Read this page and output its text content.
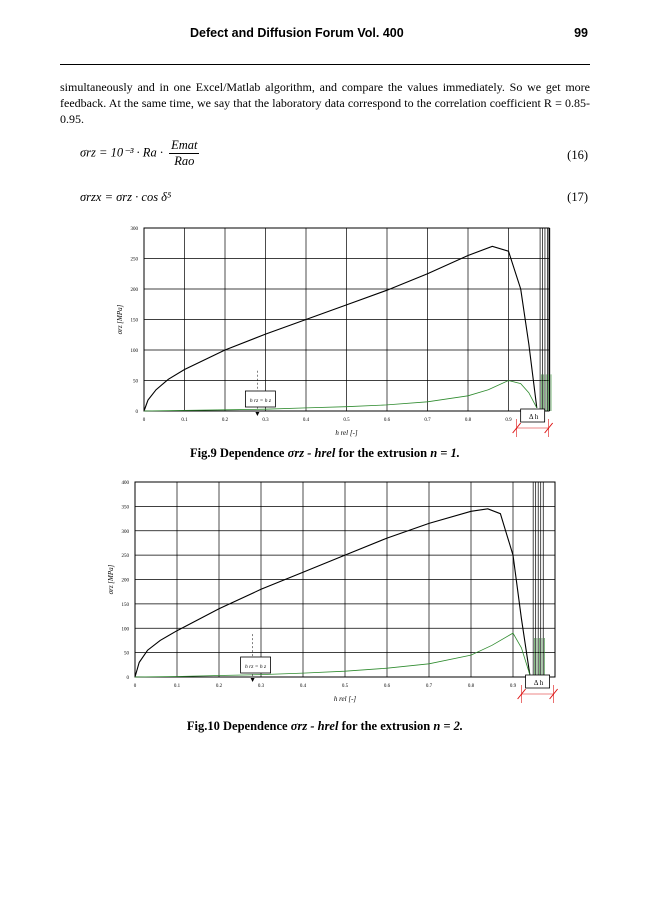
Defect and Diffusion Forum Vol. 400	99
simultaneously and in one Excel/Matlab algorithm, and compare the values immediately. So we get more feedback. At the same time, we say that the laboratory data correspond to the correlation coefficient R = 0.85-0.95.
$\sigma rz = 10^{-3} \cdot Ra \cdot \frac{\text{Emat}}{\text{Rao}}$	(16)
σrzx = σrz · cos δ⁵	(17)
0	0.1	0.2	0.3	0.4	0.5	0.6	0.7	0.8	0.9
0
50
100
150
200
250
300
σrz [MPa]
h rel [-]
h rz = h z
Δ h
Fig.9 Dependence σrz - hrel for the extrusion n = 1.
0	0.1	0.2	0.3	0.4	0.5	0.6	0.7	0.8	0.9
0
50
100
150
200
250
300
350
400
σrz [MPa]
h rel [-]
h rz = h z
Δ h
Fig.10 Dependence σrz - hrel for the extrusion n = 2.
